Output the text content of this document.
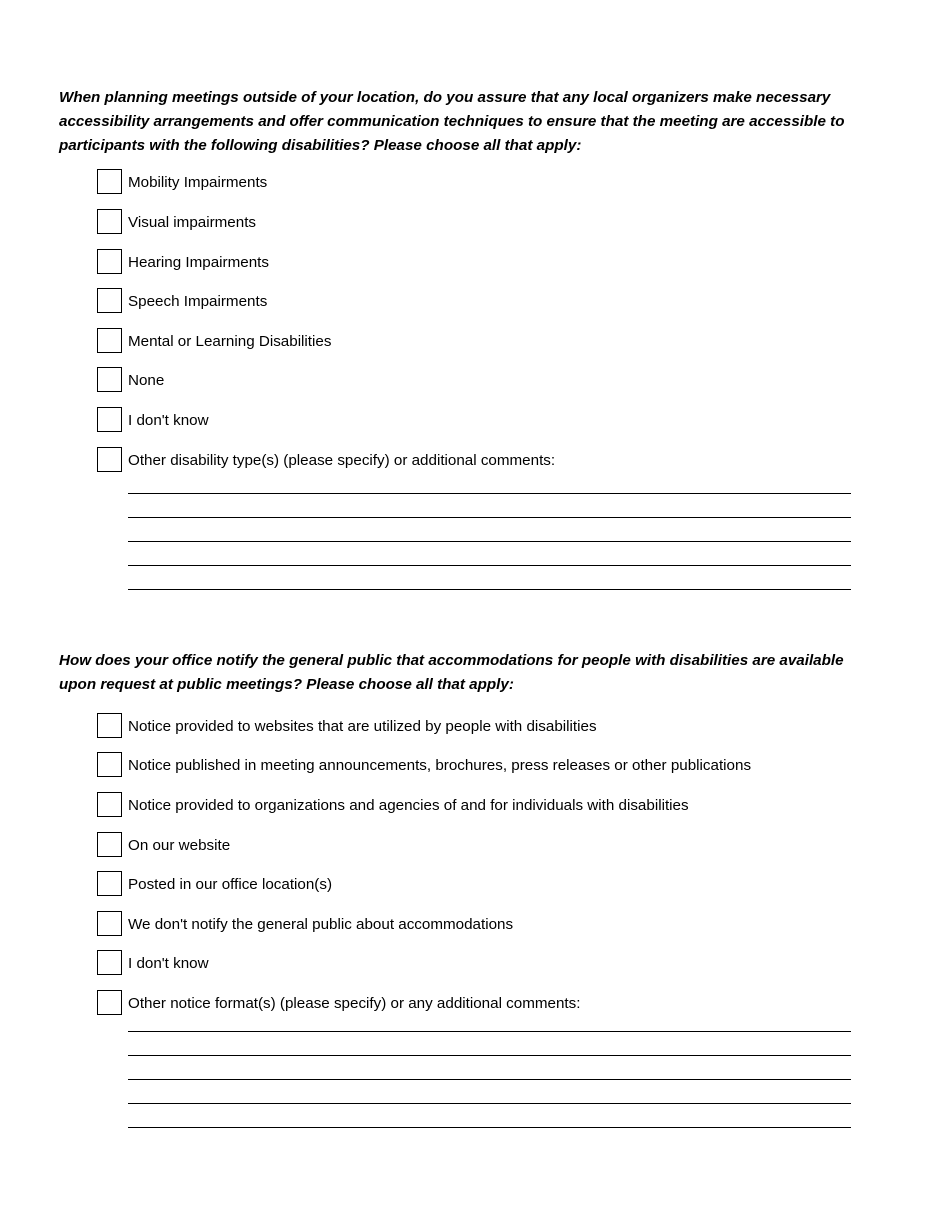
When planning meetings outside of your location, do you assure that any local organizers make necessary accessibility arrangements and offer communication techniques to ensure that the meeting are accessible to participants with the following disabilities? Please choose all that apply:

Mobility Impairments
Visual impairments
Hearing Impairments
Speech Impairments
Mental or Learning Disabilities
None
I don't know
Other disability type(s) (please specify) or additional comments:

How does your office notify the general public that accommodations for people with disabilities are available upon request at public meetings? Please choose all that apply:

Notice provided to websites that are utilized by people with disabilities
Notice published in meeting announcements, brochures, press releases or other publications
Notice provided to organizations and agencies of and for individuals with disabilities
On our website
Posted in our office location(s)
We don't notify the general public about accommodations
I don't know
Other notice format(s) (please specify) or any additional comments:
